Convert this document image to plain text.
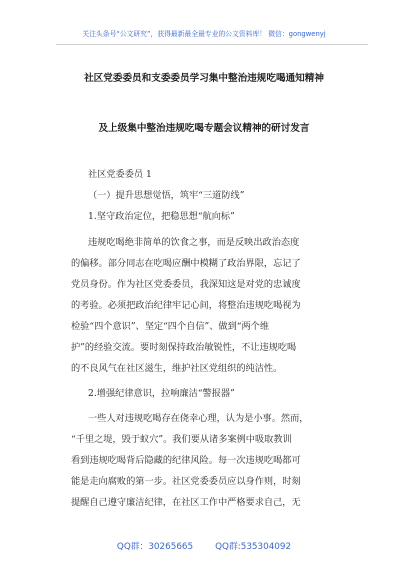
关注头条号“公文研究”，获得最新最全最专业的公文资料库！ 微信：gongwenyj
社区党委委员和支委委员学习集中整治违规吃喝通知精神
及上级集中整治违规吃喝专题会议精神的研讨发言
社区党委委员 1
（一）提升思想觉悟，筑牢“三道防线”
1.坚守政治定位，把稳思想“航向标”
违规吃喝绝非简单的饮食之事，而是反映出政治态度
的偏移。部分同志在吃喝应酬中模糊了政治界限，忘记了
党员身份。作为社区党委委员，我深知这是对党的忠诚度
的考验。必须把政治纪律牢记心间，将整治违规吃喝视为
检验“四个意识”、坚定“四个自信”、做到“两个维
护”的经验交流。要时刻保持政治敏锐性，不让违规吃喝
的不良风气在社区滋生，维护社区党组织的纯洁性。
2.增强纪律意识，拉响廉洁“警报器”
一些人对违规吃喝存在侥幸心理，认为是小事。然而，
“千里之堤，毁于蚁穴”。我们要从诸多案例中吸取教训
看到违规吃喝背后隐藏的纪律风险。每一次违规吃喝都可
能是走向腐败的第一步。社区党委委员应以身作则，时刻
提醒自己遵守廉洁纪律，在社区工作中严格要求自己，无
QQ群：30265665	QQ群:535304092
